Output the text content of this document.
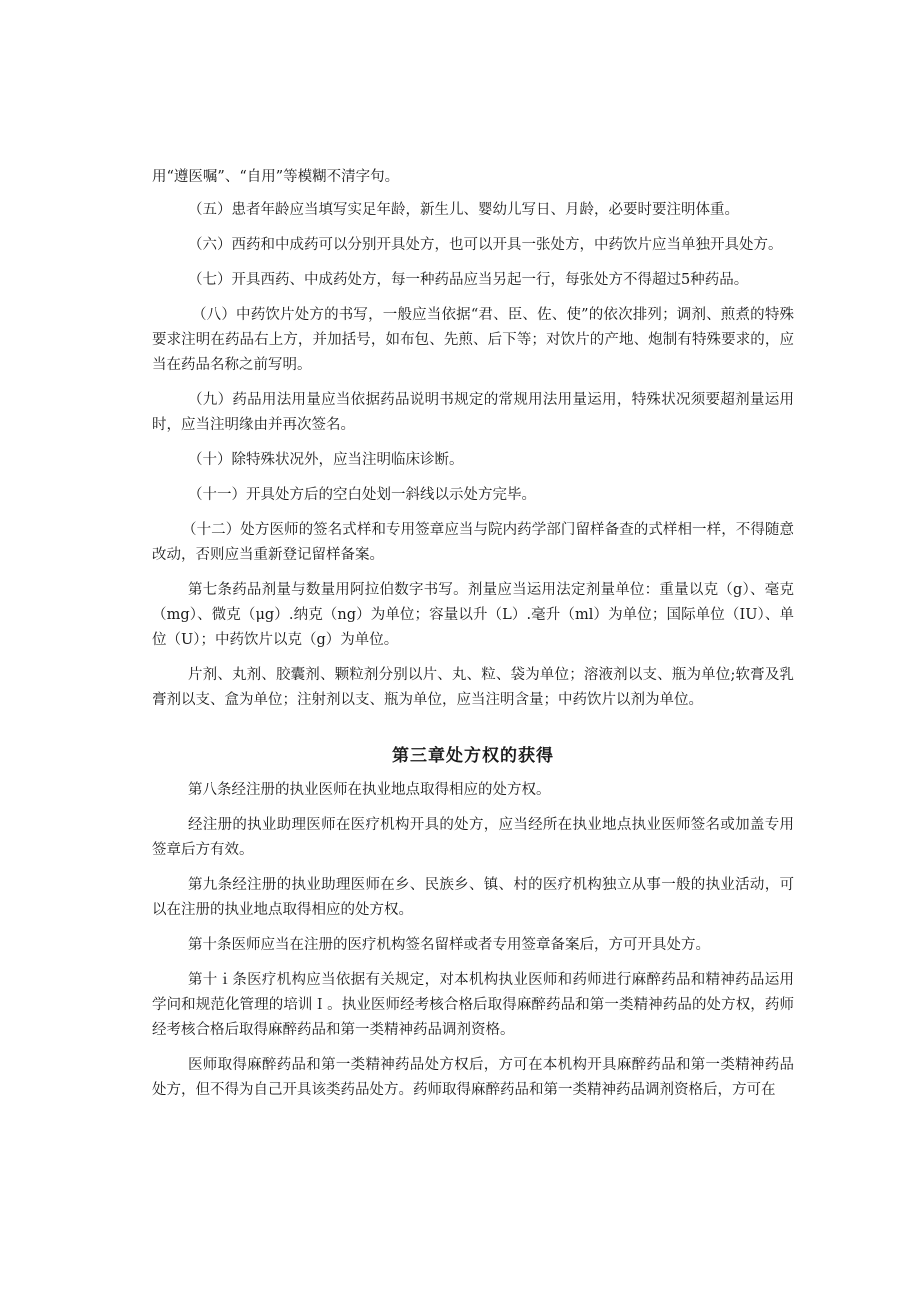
用“遵医嘱”、“自用”等模糊不清字句。

（五）患者年龄应当填写实足年龄，新生儿、婴幼儿写日、月龄，必要时要注明体重。

（六）西药和中成药可以分别开具处方，也可以开具一张处方，中药饮片应当单独开具处方。

（七）开具西药、中成药处方，每一种药品应当另起一行，每张处方不得超过5种药品。

（八）中药饮片处方的书写，一般应当依据“君、臣、佐、使”的依次排列；调剂、煎煮的特殊要求注明在药品右上方，并加括号，如布包、先煎、后下等；对饮片的产地、炮制有特殊要求的，应当在药品名称之前写明。

（九）药品用法用量应当依据药品说明书规定的常规用法用量运用，特殊状况须要超剂量运用时，应当注明缘由并再次签名。

（十）除特殊状况外，应当注明临床诊断。

（十一）开具处方后的空白处划一斜线以示处方完毕。

（十二）处方医师的签名式样和专用签章应当与院内药学部门留样备查的式样相一样，不得随意改动，否则应当重新登记留样备案。

第七条药品剂量与数量用阿拉伯数字书写。剂量应当运用法定剂量单位：重量以克（g）、毫克（mg）、微克（μg）.纳克（ng）为单位；容量以升（L）.毫升（ml）为单位；国际单位（IU）、单位（U）；中药饮片以克（g）为单位。

片剂、丸剂、胶囊剂、颗粒剂分别以片、丸、粒、袋为单位；溶液剂以支、瓶为单位;软膏及乳膏剂以支、盒为单位；注射剂以支、瓶为单位，应当注明含量；中药饮片以剂为单位。

第三章处方权的获得

第八条经注册的执业医师在执业地点取得相应的处方权。

经注册的执业助理医师在医疗机构开具的处方，应当经所在执业地点执业医师签名或加盖专用签章后方有效。

第九条经注册的执业助理医师在乡、民族乡、镇、村的医疗机构独立从事一般的执业活动，可以在注册的执业地点取得相应的处方权。

第十条医师应当在注册的医疗机构签名留样或者专用签章备案后，方可开具处方。

第十ｉ条医疗机构应当依据有关规定，对本机构执业医师和药师进行麻醉药品和精神药品运用学问和规范化管理的培训Ｉ。执业医师经考核合格后取得麻醉药品和第一类精神药品的处方权，药师经考核合格后取得麻醉药品和第一类精神药品调剂资格。

医师取得麻醉药品和第一类精神药品处方权后，方可在本机构开具麻醉药品和第一类精神药品处方，但不得为自己开具该类药品处方。药师取得麻醉药品和第一类精神药品调剂资格后，方可在
